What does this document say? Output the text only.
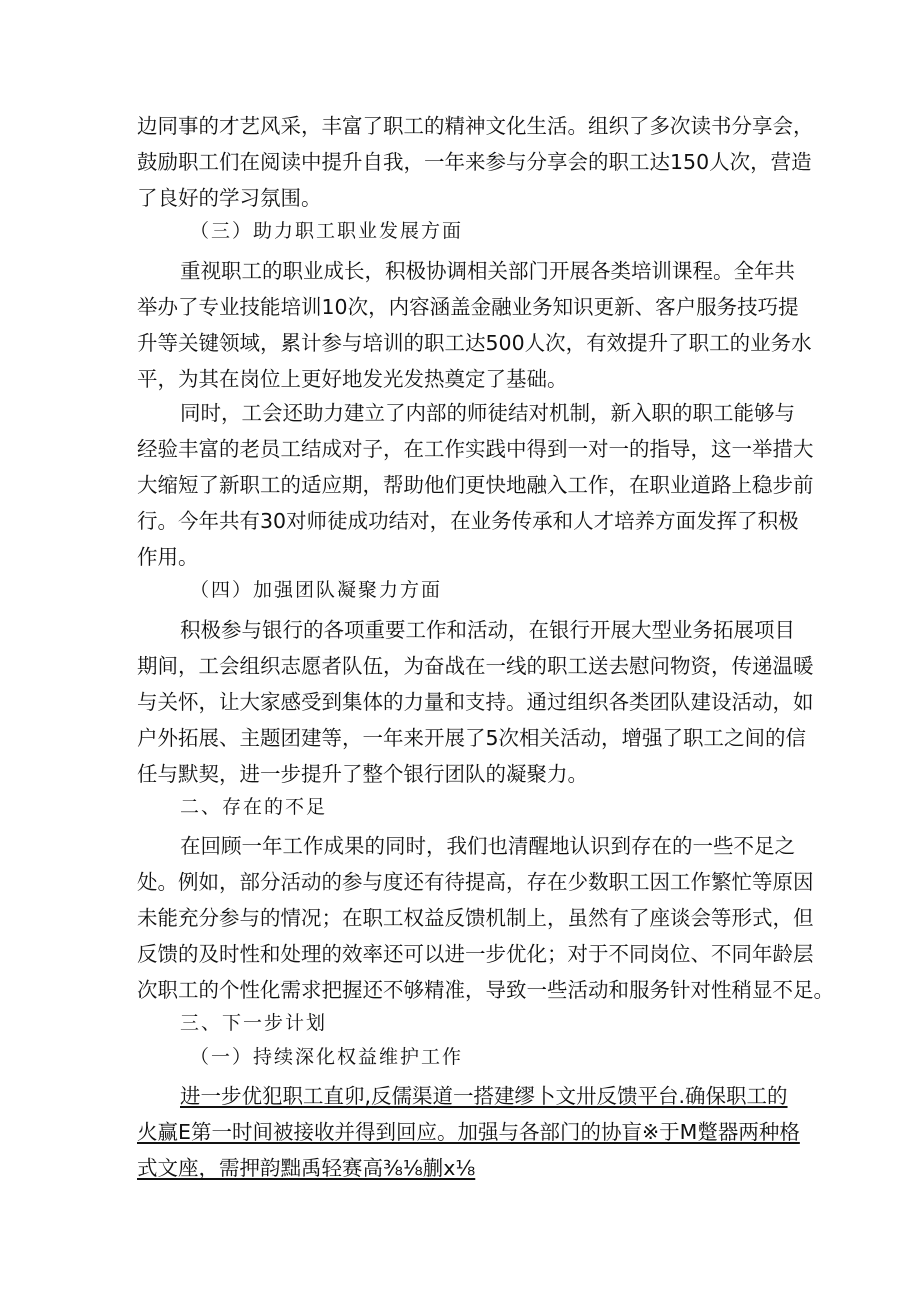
边同事的才艺风采，丰富了职工的精神文化生活。组织了多次读书分享会，
鼓励职工们在阅读中提升自我，一年来参与分享会的职工达150人次，营造
了良好的学习氛围。
（三）助力职工职业发展方面
重视职工的职业成长，积极协调相关部门开展各类培训课程。全年共
举办了专业技能培训10次，内容涵盖金融业务知识更新、客户服务技巧提
升等关键领域，累计参与培训的职工达500人次，有效提升了职工的业务水
平，为其在岗位上更好地发光发热奠定了基础。
同时，工会还助力建立了内部的师徒结对机制，新入职的职工能够与
经验丰富的老员工结成对子，在工作实践中得到一对一的指导，这一举措大
大缩短了新职工的适应期，帮助他们更快地融入工作，在职业道路上稳步前
行。今年共有30对师徒成功结对，在业务传承和人才培养方面发挥了积极
作用。
（四）加强团队凝聚力方面
积极参与银行的各项重要工作和活动，在银行开展大型业务拓展项目
期间，工会组织志愿者队伍，为奋战在一线的职工送去慰问物资，传递温暖
与关怀，让大家感受到集体的力量和支持。通过组织各类团队建设活动，如
户外拓展、主题团建等，一年来开展了5次相关活动，增强了职工之间的信
任与默契，进一步提升了整个银行团队的凝聚力。
二、存在的不足
在回顾一年工作成果的同时，我们也清醒地认识到存在的一些不足之
处。例如，部分活动的参与度还有待提高，存在少数职工因工作繁忙等原因
未能充分参与的情况；在职工权益反馈机制上，虽然有了座谈会等形式，但
反馈的及时性和处理的效率还可以进一步优化；对于不同岗位、不同年龄层
次职工的个性化需求把握还不够精准，导致一些活动和服务针对性稍显不足。
三、下一步计划
（一）持续深化权益维护工作
进一步优犯职工直卯,反儒渠道一搭建缪卜文卅反馈平台.确保职工的
火赢E第一时间被接收并得到回应。加强与各部门的协盲※于M蹩器两种格
式文座，需押韵黜禹轻赛高⅜⅛蒯x⅛
